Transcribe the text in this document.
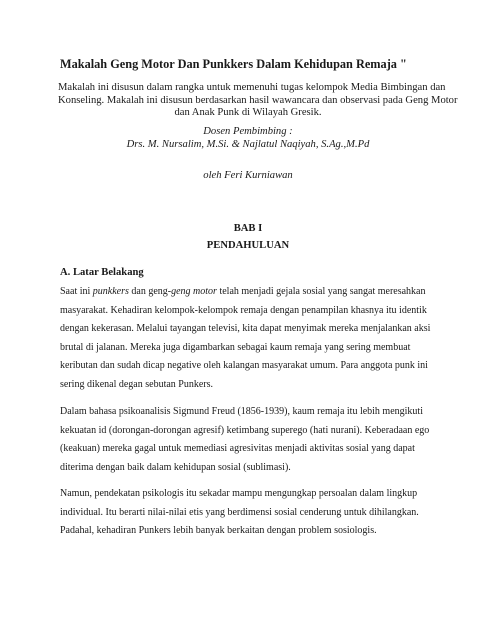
Makalah Geng Motor Dan Punkkers Dalam Kehidupan Remaja "
Makalah ini disusun dalam rangka untuk memenuhi tugas kelompok Media Bimbingan dan
Konseling. Makalah ini disusun berdasarkan hasil wawancara dan observasi pada Geng Motor
dan Anak Punk di Wilayah Gresik.
Dosen Pembimbing :
Drs. M. Nursalim, M.Si. & Najlatul Naqiyah, S.Ag.,M.Pd
oleh Feri Kurniawan
BAB I
PENDAHULUAN
A. Latar Belakang
Saat ini punkkers dan geng-geng motor telah menjadi gejala sosial yang sangat meresahkan
masyarakat. Kehadiran kelompok-kelompok remaja dengan penampilan khasnya itu identik
dengan kekerasan. Melalui tayangan televisi, kita dapat menyimak mereka menjalankan aksi
brutal di jalanan. Mereka juga digambarkan sebagai kaum remaja yang sering membuat
keributan dan sudah dicap negative oleh kalangan masyarakat umum. Para anggota punk ini
sering dikenal degan sebutan Punkers.
Dalam bahasa psikoanalisis Sigmund Freud (1856-1939), kaum remaja itu lebih mengikuti
kekuatan id (dorongan-dorongan agresif) ketimbang superego (hati nurani). Keberadaan ego
(keakuan) mereka gagal untuk memediasi agresivitas menjadi aktivitas sosial yang dapat
diterima dengan baik dalam kehidupan sosial (sublimasi).
Namun, pendekatan psikologis itu sekadar mampu mengungkap persoalan dalam lingkup
individual. Itu berarti nilai-nilai etis yang berdimensi sosial cenderung untuk dihilangkan.
Padahal, kehadiran Punkers lebih banyak berkaitan dengan problem sosiologis.
